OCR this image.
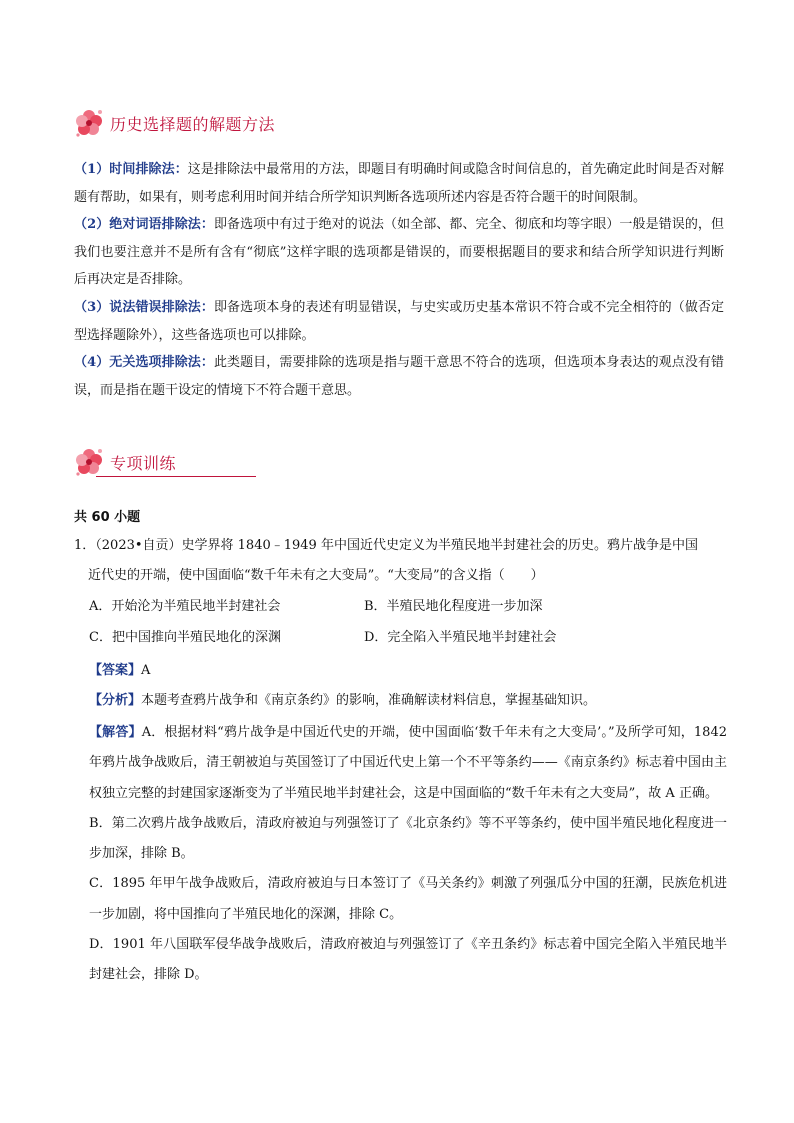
历史选择题的解题方法

（1）时间排除法：这是排除法中最常用的方法，即题目有明确时间或隐含时间信息的，首先确定此时间是否对解题有帮助，如果有，则考虑利用时间并结合所学知识判断各选项所述内容是否符合题干的时间限制。

（2）绝对词语排除法：即备选项中有过于绝对的说法（如全部、都、完全、彻底和均等字眼）一般是错误的，但我们也要注意并不是所有含有“彻底”这样字眼的选项都是错误的，而要根据题目的要求和结合所学知识进行判断后再决定是否排除。

（3）说法错误排除法：即备选项本身的表述有明显错误，与史实或历史基本常识不符合或不完全相符的（做否定型选择题除外），这些备选项也可以排除。

（4）无关选项排除法：此类题目，需要排除的选项是指与题干意思不符合的选项，但选项本身表达的观点没有错误，而是指在题干设定的情境下不符合题干意思。

专项训练
共 60 小题

1．（2023•自贡）史学界将 1840﹣1949 年中国近代史定义为半殖民地半封建社会的历史。鸦片战争是中国

近代史的开端，使中国面临“数千年未有之大变局”。“大变局”的含义指（　　）

A．开始沦为半殖民地半封建社会	B．半殖民地化程度进一步加深
C．把中国推向半殖民地化的深渊	D．完全陷入半殖民地半封建社会
【答案】A
【分析】本题考查鸦片战争和《南京条约》的影响，准确解读材料信息，掌握基础知识。

【解答】A．根据材料“鸦片战争是中国近代史的开端，使中国面临‘数千年未有之大变局’。”及所学可知，1842 年鸦片战争战败后，清王朝被迫与英国签订了中国近代史上第一个不平等条约——《南京条约》标志着中国由主权独立完整的封建国家逐渐变为了半殖民地半封建社会，这是中国面临的“数千年未有之大变局”，故 A 正确。

B．第二次鸦片战争战败后，清政府被迫与列强签订了《北京条约》等不平等条约，使中国半殖民地化程度进一步加深，排除 B。

C．1895 年甲午战争战败后，清政府被迫与日本签订了《马关条约》刺激了列强瓜分中国的狂潮，民族危机进一步加剧，将中国推向了半殖民地化的深渊，排除 C。

D．1901 年八国联军侵华战争战败后，清政府被迫与列强签订了《辛丑条约》标志着中国完全陷入半殖民地半封建社会，排除 D。
